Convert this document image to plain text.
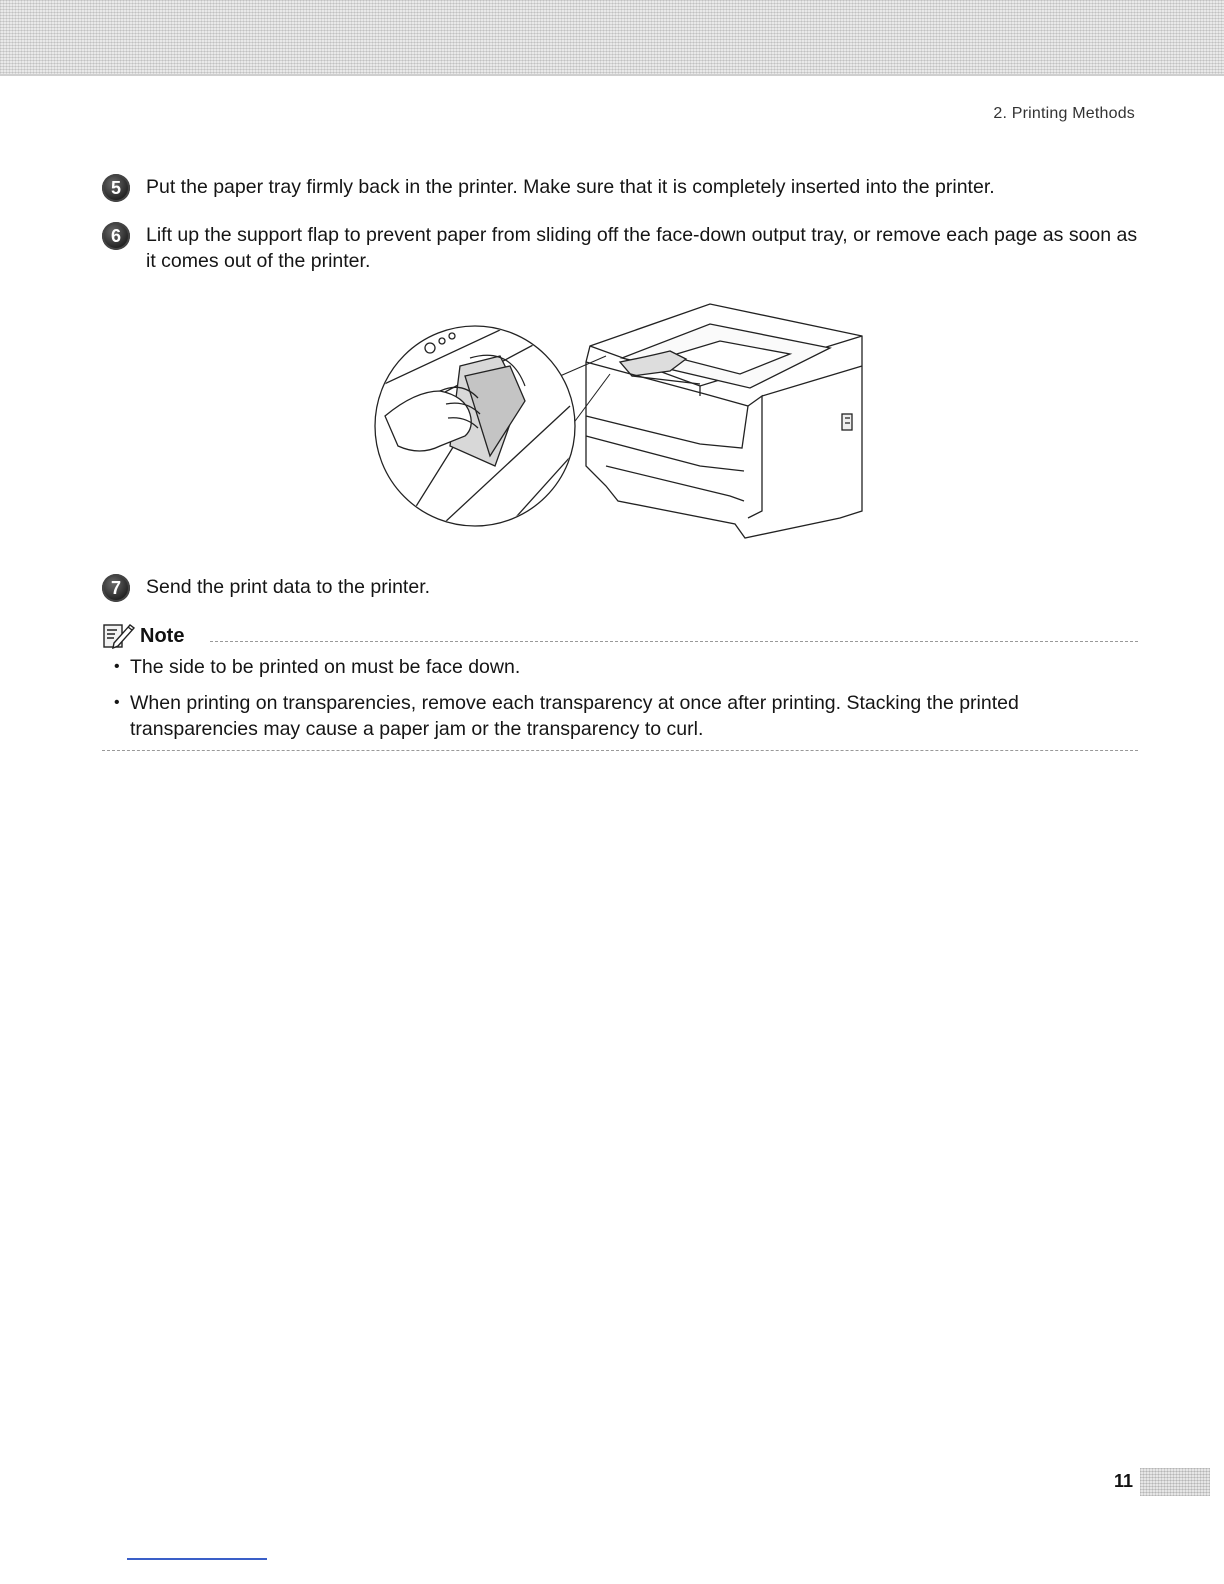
2. Printing Methods
5	Put the paper tray firmly back in the printer. Make sure that it is completely inserted into the printer.
6	Lift up the support flap to prevent paper from sliding off the face-down output tray, or remove each page as soon as it comes out of the printer.
7	Send the print data to the printer.
Note
• The side to be printed on must be face down.
• When printing on transparencies, remove each transparency at once after printing. Stacking the printed transparencies may cause a paper jam or the transparency to curl.
11
